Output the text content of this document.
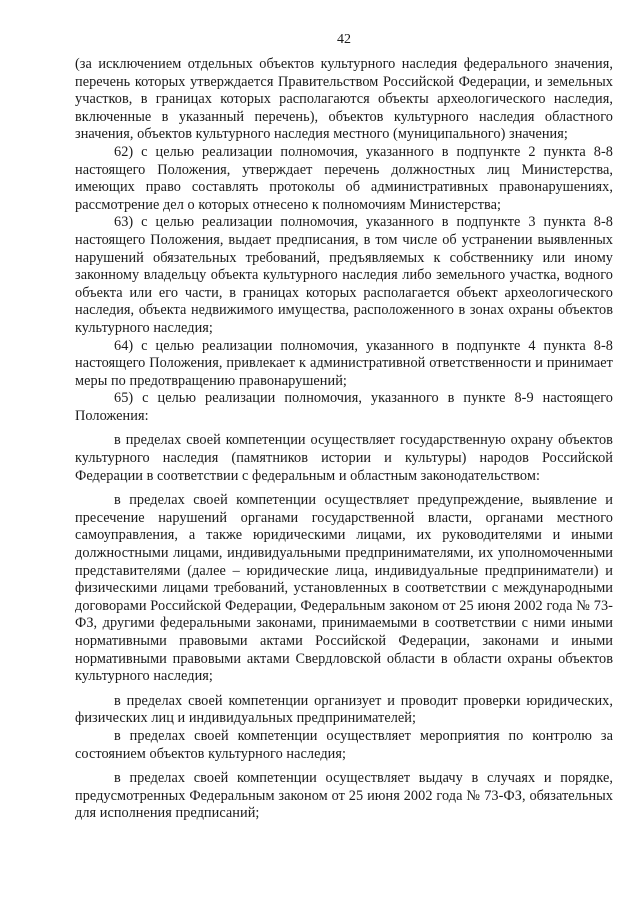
42

(за исключением отдельных объектов культурного наследия федерального значения, перечень которых утверждается Правительством Российской Федерации, и земельных участков, в границах которых располагаются объекты археологического наследия, включенные в указанный перечень), объектов культурного наследия областного значения, объектов культурного наследия местного (муниципального) значения;

62) с целью реализации полномочия, указанного в подпункте 2 пункта 8-8 настоящего Положения, утверждает перечень должностных лиц Министерства, имеющих право составлять протоколы об административных правонарушениях, рассмотрение дел о которых отнесено к полномочиям Министерства;

63) с целью реализации полномочия, указанного в подпункте 3 пункта 8-8 настоящего Положения, выдает предписания, в том числе об устранении выявленных нарушений обязательных требований, предъявляемых к собственнику или иному законному владельцу объекта культурного наследия либо земельного участка, водного объекта или его части, в границах которых располагается объект археологического наследия, объекта недвижимого имущества, расположенного в зонах охраны объектов культурного наследия;

64) с целью реализации полномочия, указанного в подпункте 4 пункта 8-8 настоящего Положения, привлекает к административной ответственности и принимает меры по предотвращению правонарушений;

65) с целью реализации полномочия, указанного в пункте 8-9 настоящего Положения:

в пределах своей компетенции осуществляет государственную охрану объектов культурного наследия (памятников истории и культуры) народов Российской Федерации в соответствии с федеральным и областным законодательством:

в пределах своей компетенции осуществляет предупреждение, выявление и пресечение нарушений органами государственной власти, органами местного самоуправления, а также юридическими лицами, их руководителями и иными должностными лицами, индивидуальными предпринимателями, их уполномоченными представителями (далее – юридические лица, индивидуальные предприниматели) и физическими лицами требований, установленных в соответствии с международными договорами Российской Федерации, Федеральным законом от 25 июня 2002 года № 73-ФЗ, другими федеральными законами, принимаемыми в соответствии с ними иными нормативными правовыми актами Российской Федерации, законами и иными нормативными правовыми актами Свердловской области в области охраны объектов культурного наследия;

в пределах своей компетенции организует и проводит проверки юридических, физических лиц и индивидуальных предпринимателей;

в пределах своей компетенции осуществляет мероприятия по контролю за состоянием объектов культурного наследия;

в пределах своей компетенции осуществляет выдачу в случаях и порядке, предусмотренных Федеральным законом от 25 июня 2002 года № 73-ФЗ, обязательных для исполнения предписаний;
